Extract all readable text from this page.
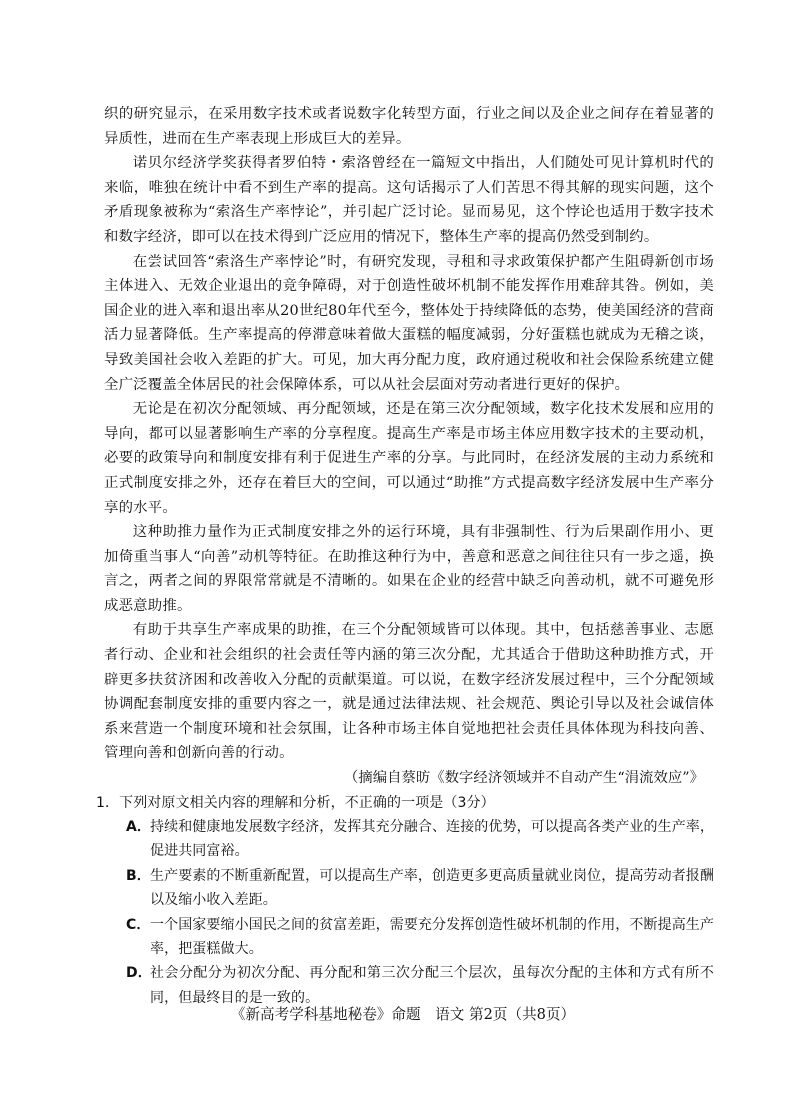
织的研究显示，在采用数字技术或者说数字化转型方面，行业之间以及企业之间存在着显著的异质性，进而在生产率表现上形成巨大的差异。

诺贝尔经济学奖获得者罗伯特・索洛曾经在一篇短文中指出，人们随处可见计算机时代的来临，唯独在统计中看不到生产率的提高。这句话揭示了人们苦思不得其解的现实问题，这个矛盾现象被称为“索洛生产率悖论”，并引起广泛讨论。显而易见，这个悖论也适用于数字技术和数字经济，即可以在技术得到广泛应用的情况下，整体生产率的提高仍然受到制约。

在尝试回答“索洛生产率悖论”时，有研究发现，寻租和寻求政策保护都产生阻碍新创市场主体进入、无效企业退出的竞争障碍，对于创造性破坏机制不能发挥作用难辞其咎。例如，美国企业的进入率和退出率从20世纪80年代至今，整体处于持续降低的态势，使美国经济的营商活力显著降低。生产率提高的停滞意味着做大蛋糕的幅度减弱，分好蛋糕也就成为无稽之谈，导致美国社会收入差距的扩大。可见，加大再分配力度，政府通过税收和社会保险系统建立健全广泛覆盖全体居民的社会保障体系，可以从社会层面对劳动者进行更好的保护。

无论是在初次分配领域、再分配领域，还是在第三次分配领域，数字化技术发展和应用的导向，都可以显著影响生产率的分享程度。提高生产率是市场主体应用数字技术的主要动机，必要的政策导向和制度安排有利于促进生产率的分享。与此同时，在经济发展的主动力系统和正式制度安排之外，还存在着巨大的空间，可以通过“助推”方式提高数字经济发展中生产率分享的水平。

这种助推力量作为正式制度安排之外的运行环境，具有非强制性、行为后果副作用小、更加倚重当事人“向善”动机等特征。在助推这种行为中，善意和恶意之间往往只有一步之遥，换言之，两者之间的界限常常就是不清晰的。如果在企业的经营中缺乏向善动机，就不可避免形成恶意助推。

有助于共享生产率成果的助推，在三个分配领域皆可以体现。其中，包括慈善事业、志愿者行动、企业和社会组织的社会责任等内涵的第三次分配，尤其适合于借助这种助推方式，开辟更多扶贫济困和改善收入分配的贡献渠道。可以说，在数字经济发展过程中，三个分配领域协调配套制度安排的重要内容之一，就是通过法律法规、社会规范、舆论引导以及社会诚信体系来营造一个制度环境和社会氛围，让各种市场主体自觉地把社会责任具体体现为科技向善、管理向善和创新向善的行动。

（摘编自蔡昉《数字经济领域并不自动产生“涓流效应”》

1．下列对原文相关内容的理解和分析，不正确的一项是（3分）

A．
持续和健康地发展数字经济，发挥其充分融合、连接的优势，可以提高各类产业的生产率，促进共同富裕。
B． 生产要素的不断重新配置，可以提高生产率，创造更多更高质量就业岗位，提高劳动者报酬以及缩小收入差距。
C． 一个国家要缩小国民之间的贫富差距，需要充分发挥创造性破坏机制的作用，不断提高生产率，把蛋糕做大。
D．
社会分配分为初次分配、再分配和第三次分配三个层次，虽每次分配的主体和方式有所不同，但最终目的是一致的。
《新高考学科基地秘卷》命题　语文 第2页（共8页）
